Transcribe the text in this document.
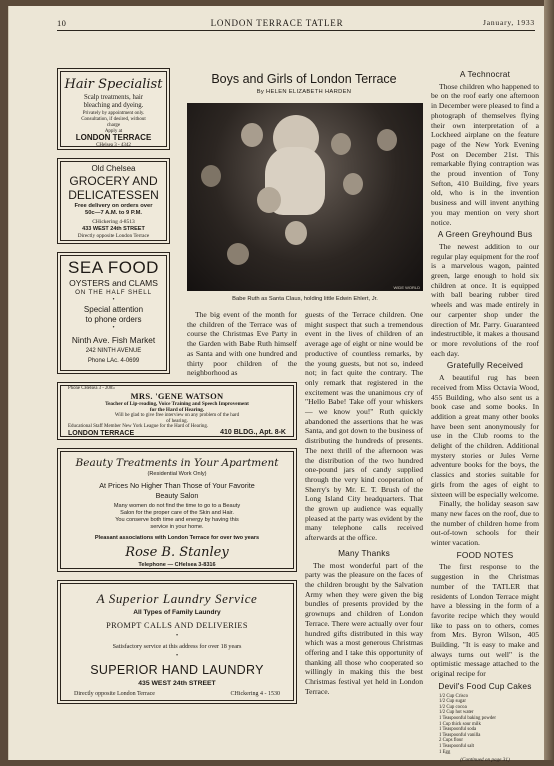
10	LONDON TERRACE TATLER	January, 1933
Hair Specialist
Scalp treatments, hair
bleaching and dyeing.
Privately by appointment only.
Consultation, if desired, without
charge
Apply at
LONDON TERRACE
CHelsea 3 - 4342
Old Chelsea
GROCERY AND
DELICATESSEN
Free delivery on orders over
50c—7 A.M. to 9 P.M.
CHickering 4-8513
433 WEST 24th STREET
Directly opposite London Terrace
SEA FOOD
OYSTERS and CLAMS
ON THE HALF SHELL
•
Special attention
to phone orders
•
Ninth Ave. Fish Market
242 NINTH AVENUE
Phone LAc. 4-0699
Phone CHelsea 3 - 2085
MRS. 'GENE WATSON
Teacher of Lip-reading, Voice Training and Speech Improvement
for the Hard of Hearing.
Will be glad to give free interview on any problem of the hard
of hearing.
Educational Staff Member New York League for the Hard of Hearing.
LONDON TERRACE	410 BLDG., Apt. 8-K
Beauty Treatments in Your Apartment
(Residential Work Only)
At Prices No Higher Than Those of Your Favorite
Beauty Salon
Many women do not find the time to go to a Beauty
Salon for the proper care of the Skin and Hair.
You conserve both time and energy by having this
service in your home.
Pleasant associations with London Terrace for over two years
Rose B. Stanley
Telephone — CHelsea 3-8316
A Superior Laundry Service
All Types of Family Laundry
PROMPT CALLS AND DELIVERIES
•
Satisfactory service at this address for over 18 years
•
SUPERIOR HAND LAUNDRY
435 WEST 24th STREET
Directly opposite London Terrace	CHickering 4 - 1530
Boys and Girls of London Terrace
By HELEN ELIZABETH HARDEN
WIDE WORLD
Babe Ruth as Santa Claus, holding little Edwin Ehlert, Jr.

The big event of the month for the children of the Terrace was of course the Christmas Eve Party in the Garden with Babe Ruth himself as Santa and with one hundred and thirty poor children of the neighborhood as

guests of the Terrace children. One might suspect that such a tremendous event in the lives of children of an average age of eight or nine would be productive of countless remarks, by the young guests, but not so, indeed not; in fact quite the contrary. The only remark that registered in the excitement was the unanimous cry of "Hello Babe! Take off your whiskers — we know you!" Ruth quickly abandoned the assertions that he was Santa, and got down to the business of distributing the hundreds of presents. The next thrill of the afternoon was the distribution of the two hundred one-pound jars of candy supplied through the very kind cooperation of Sherry's by Mr. E. T. Brush of the Long Island City headquarters. That the grown up audience was equally pleased at the party was evident by the many telephone calls received afterwards at the office.

Many Thanks

The most wonderful part of the party was the pleasure on the faces of the children brought by the Salvation Army when they were given the big bundles of presents provided by the grownups and children of London Terrace. There were actually over four hundred gifts distributed in this way which was a most generous Christmas offering and I take this opportunity of thanking all those who cooperated so willingly in making this the best Christmas festival yet held in London Terrace.

A Technocrat

Those children who happened to be on the roof early one afternoon in December were pleased to find a photograph of themselves flying their own interpretation of a Lockheed airplane on the feature page of the New York Evening Post on December 21st. This remarkable flying contraption was the proud invention of Tony Sefton, 410 Building, five years old, who is in the invention business and will invent anything you may mention on very short notice.

A Green Greyhound Bus

The newest addition to our regular play equipment for the roof is a marvelous wagon, painted green, large enough to hold six children at once. It is equipped with ball bearing rubber tired wheels and was made entirely in our carpenter shop under the direction of Mr. Parry. Guaranteed indestructible, it makes a thousand or more revolutions of the roof each day.

Gratefully Received

A beautiful rug has been received from Miss Octavia Wood, 455 Building, who also sent us a book case and some books. In addition a great many other books have been sent anonymously for use in the Club rooms to the delight of the children. Additional mystery stories or Jules Verne adventure books for the boys, the classics and stories suitable for girls from the ages of eight to sixteen will be especially welcome.

Finally, the holiday season saw many new faces on the roof, due to the number of children home from out-of-town schools for their winter vacation.

FOOD NOTES

The first response to the suggestion in the Christmas number of the TATLER that residents of London Terrace might have a blessing in the form of a favorite recipe which they would like to pass on to others, comes from Mrs. Byron Wilson, 405 Building. "It is easy to make and always turns out well" is the optimistic message attached to the original recipe for

Devil's Food Cup Cakes
1/2 Cup Crisco
1/2 Cup sugar
1/2 Cup cocoa
1/2 Cup hot water
1 Teaspoonful baking powder
1 Cup thick sour milk
1 Teaspoonful soda
1 Teaspoonful vanilla
2 Cups flour
1 Teaspoonful salt
1 Egg
(Continued on page 31)
